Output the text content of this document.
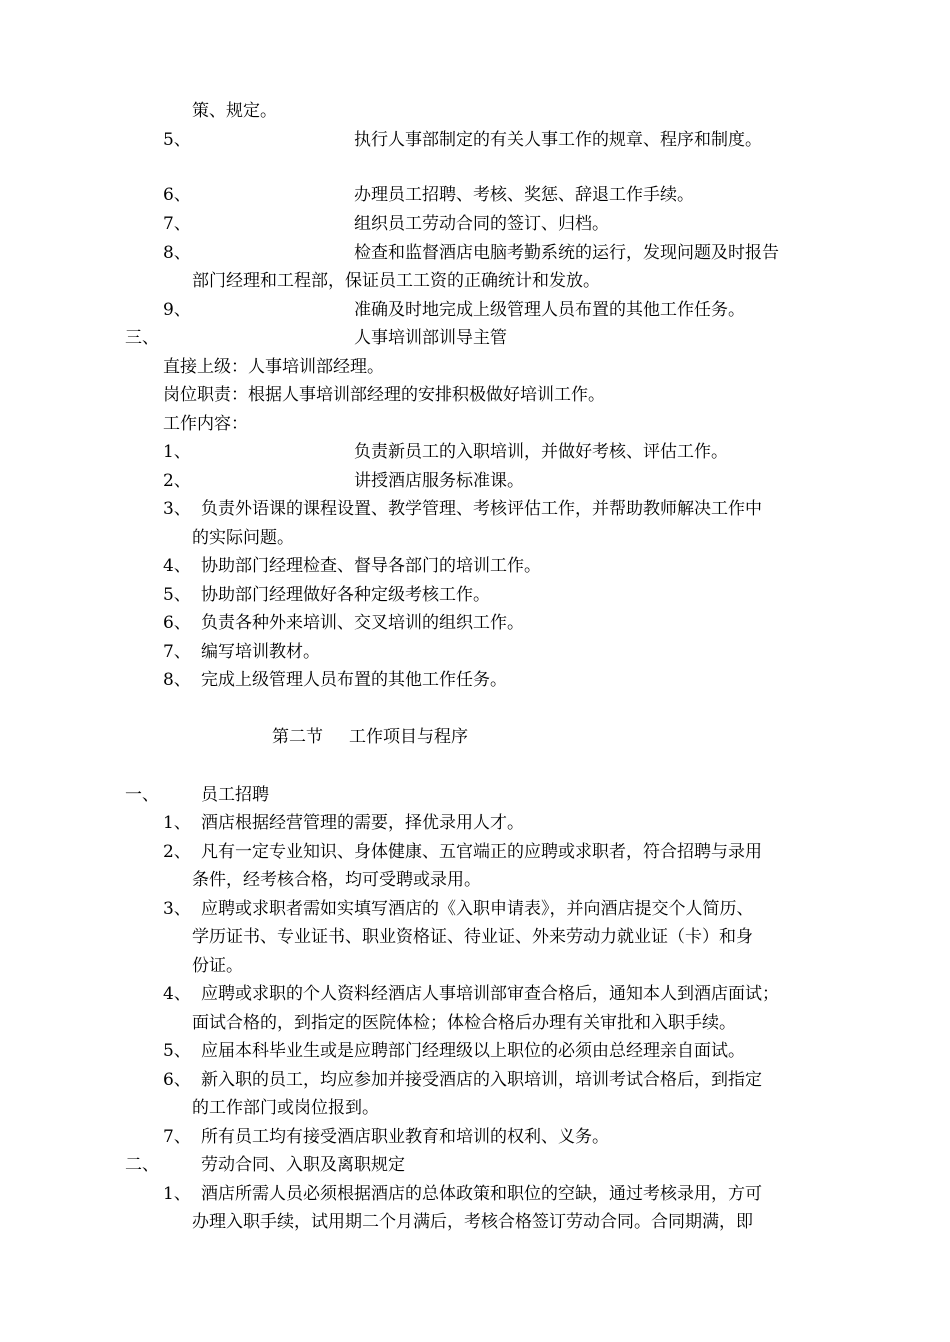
策、规定。
5、	执行人事部制定的有关人事工作的规章、程序和制度。
6、	办理员工招聘、考核、奖惩、辞退工作手续。
7、	组织员工劳动合同的签订、归档。
8、	检查和监督酒店电脑考勤系统的运行，发现问题及时报告
部门经理和工程部，保证员工工资的正确统计和发放。
9、	准确及时地完成上级管理人员布置的其他工作任务。
三、	人事培训部训导主管
直接上级：人事培训部经理。
岗位职责：根据人事培训部经理的安排积极做好培训工作。
工作内容：
1、	负责新员工的入职培训，并做好考核、评估工作。
2、	讲授酒店服务标准课。
3、 负责外语课的课程设置、教学管理、考核评估工作，并帮助教师解决工作中
的实际问题。
4、 协助部门经理检查、督导各部门的培训工作。
5、 协助部门经理做好各种定级考核工作。
6、 负责各种外来培训、交叉培训的组织工作。
7、 编写培训教材。
8、 完成上级管理人员布置的其他工作任务。
第二节 工作项目与程序
一、 员工招聘
1、 酒店根据经营管理的需要，择优录用人才。
2、 凡有一定专业知识、身体健康、五官端正的应聘或求职者，符合招聘与录用
条件，经考核合格，均可受聘或录用。
3、 应聘或求职者需如实填写酒店的《入职申请表》，并向酒店提交个人简历、
学历证书、专业证书、职业资格证、待业证、外来劳动力就业证（卡）和身
份证。
4、 应聘或求职的个人资料经酒店人事培训部审查合格后，通知本人到酒店面试；
面试合格的，到指定的医院体检；体检合格后办理有关审批和入职手续。
5、 应届本科毕业生或是应聘部门经理级以上职位的必须由总经理亲自面试。
6、 新入职的员工，均应参加并接受酒店的入职培训，培训考试合格后，到指定
的工作部门或岗位报到。
7、 所有员工均有接受酒店职业教育和培训的权利、义务。
二、 劳动合同、入职及离职规定
1、 酒店所需人员必须根据酒店的总体政策和职位的空缺，通过考核录用，方可
办理入职手续，试用期二个月满后，考核合格签订劳动合同。合同期满，即
